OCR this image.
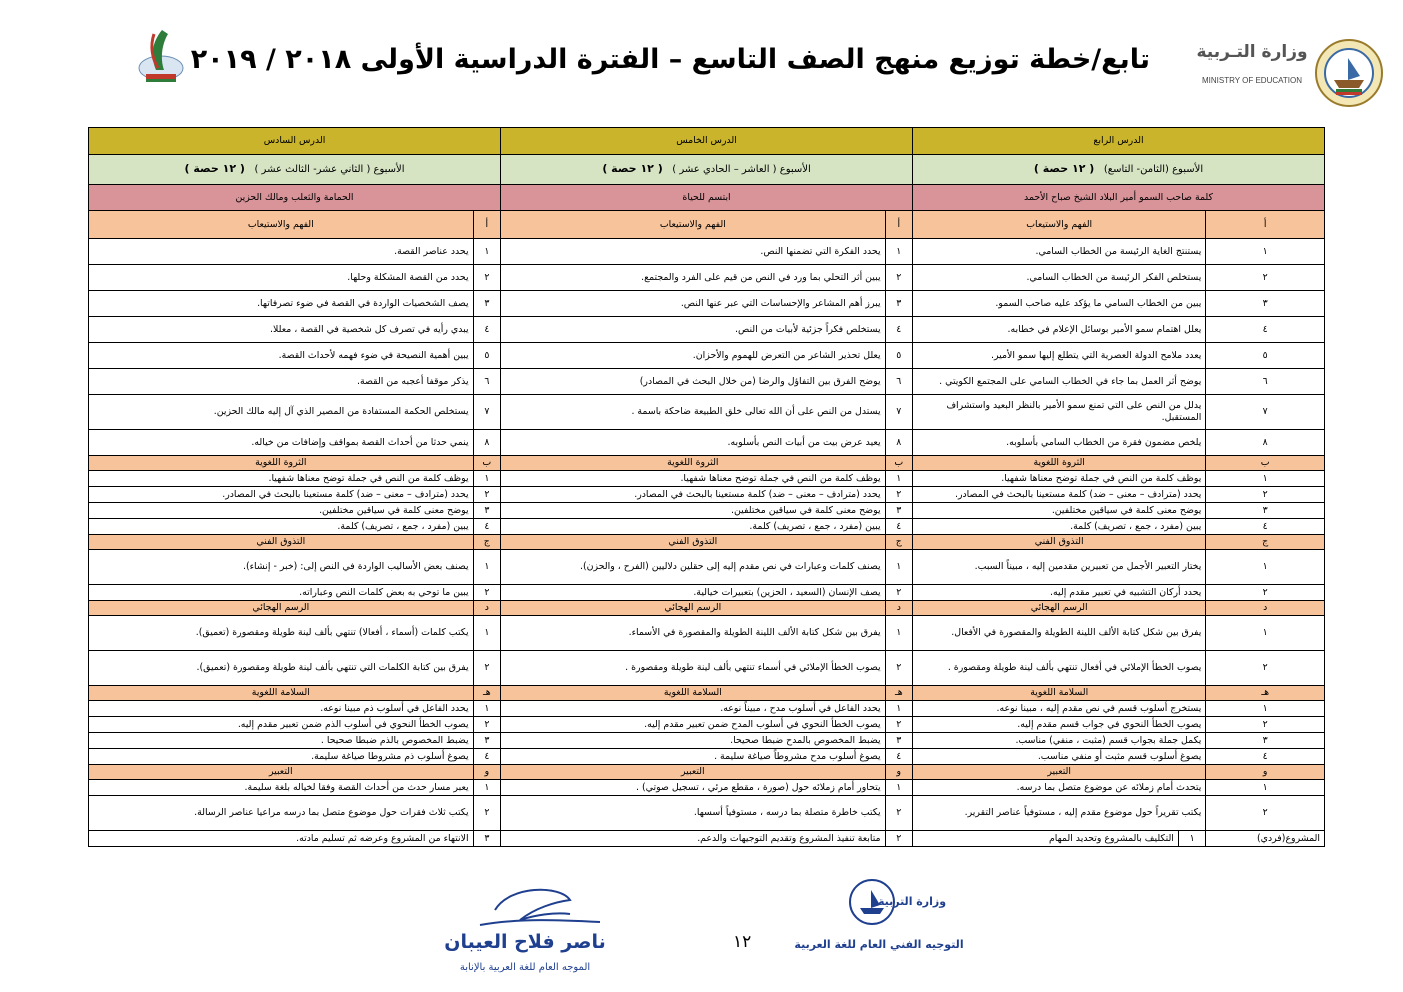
تابع/خطة توزيع منهج الصف التاسع – الفترة الدراسية الأولى ٢٠١٨ / ٢٠١٩	وزارة التـربية
MINISTRY OF EDUCATION
الدرس الرابع			الدرس الخامس		الدرس السادس	
الأسبوع (الثامن- التاسع)   ( ١٢ حصة )			الأسبوع ( العاشر – الحادي عشر )   ( ١٢ حصة )		الأسبوع ( الثاني عشر- الثالث عشر )   ( ١٢ حصة )	
كلمة صاحب السمو أمير البلاد الشيخ صباح الأحمد			ابتسم للحياة		الحمامة والثعلب ومالك الحزين	
أ	الفهم والاستيعاب		أ	الفهم والاستيعاب	أ	الفهم والاستيعاب
١	يستنتج الغاية الرئيسة من الخطاب السامي.		١	يحدد الفكرة التي تضمنها النص.	١	يحدد عناصر القصة.
٢	يستخلص الفكر الرئيسة من الخطاب السامي.		٢	يبين أثر التحلي بما ورد في النص من قيم على الفرد والمجتمع.	٢	يحدد من القصة المشكلة وحلها.
٣	يبين من الخطاب السامي ما يؤكد عليه صاحب السمو.		٣	يبرز أهم المشاعر والإحساسات التي عبر عنها النص.	٣	يصف الشخصيات الواردة في القصة في ضوء تصرفاتها.
٤	يعلل اهتمام سمو الأمير بوسائل الإعلام في خطابه.		٤	يستخلص فكراً جزئية لأبيات من النص.	٤	يبدي رأيه في تصرف كل شخصية في القصة ، معللا.
٥	يعدد ملامح الدولة العصرية التي يتطلع إليها سمو الأمير.		٥	يعلل تحذير الشاعر من التعرض للهموم والأحزان.	٥	يبين أهمية النصيحة في ضوء فهمه لأحداث القصة.
٦	يوضح أثر العمل بما جاء في الخطاب السامي على المجتمع الكويتي .		٦	يوضح الفرق بين التفاؤل والرضا (من خلال البحث في المصادر)	٦	يذكر موقفا أعجبه من القصة.
٧	يدلل من النص على التي تمنع سمو الأمير بالنظر البعيد واستشراف المستقبل.		٧	يستدل من النص على أن الله تعالى خلق الطبيعة ضاحكة باسمة .	٧	يستخلص الحكمة المستفادة من المصير الذي آل إليه مالك الحزين.
٨	يلخص مضمون فقرة من الخطاب السامي بأسلوبه.		٨	يعيد عرض بيت من أبيات النص بأسلوبه.	٨	ينمي حدثا من أحداث القصة بمواقف وإضافات من خياله.
ب	الثروة اللغوية		ب	الثروة اللغوية	ب	الثروة اللغوية
١	يوظف كلمة من النص في جملة توضح معناها شفهيا.		١	يوظف كلمة من النص في جملة توضح معناها شفهيا.	١	يوظف كلمة من النص في جملة توضح معناها شفهيا.
٢	يحدد (مترادف – معنى – ضد) كلمة مستعينا بالبحث في المصادر.		٢	يحدد (مترادف – معنى – ضد) كلمة مستعينا بالبحث في المصادر.	٢	يحدد (مترادف – معنى – ضد) كلمة مستعينا بالبحث في المصادر.
٣	يوضح معنى كلمة في سياقين مختلفين.		٣	يوضح معنى كلمة في سياقين مختلفين.	٣	يوضح معنى كلمة في سياقين مختلفين.
٤	يبين (مفرد ، جمع ، تصريف) كلمة.		٤	يبين (مفرد ، جمع ، تصريف) كلمة.	٤	يبين (مفرد ، جمع ، تصريف) كلمة.
ج	التذوق الفني		ج	التذوق الفني	ج	التذوق الفني
١	يختار التعبير الأجمل من تعبيرين مقدمين إليه ، مبيناً السبب.		١	يصنف كلمات وعبارات في نص مقدم إليه إلى حقلين دلاليين (الفرح ، والحزن).	١	يصنف بعض الأساليب الواردة في النص إلى: (خبر - إنشاء).
٢	يحدد أركان التشبيه في تعبير مقدم إليه.		٢	يصف الإنسان (السعيد ، الحزين) بتعبيرات خيالية.	٢	يبين ما توحي به بعض كلمات النص وعباراته.
د	الرسم الهجائي		د	الرسم الهجائي	د	الرسم الهجائي
١	يفرق بين شكل كتابة الألف اللينة الطويلة والمقصورة في الأفعال.		١	يفرق بين شكل كتابة الألف اللينة الطويلة والمقصورة في الأسماء.	١	يكتب كلمات (أسماء ، أفعالا) تنتهي بألف لينة طويلة ومقصورة (تعميق).
٢	يصوب الخطأ الإملائي في أفعال تنتهي بألف لينة طويلة ومقصورة .		٢	يصوب الخطأ الإملائي في أسماء تنتهي بألف لينة طويلة ومقصورة .	٢	يفرق بين كتابة الكلمات التي تنتهي بألف لينة طويلة ومقصورة (تعميق).
هـ	السلامة اللغوية		هـ	السلامة اللغوية	هـ	السلامة اللغوية
١	يستخرج أسلوب قسم في نص مقدم إليه ، مبينا نوعه.		١	يحدد الفاعل في أسلوب مدح ، مبيناً نوعه.	١	يحدد الفاعل في أسلوب ذم مبينا نوعه.
٢	يصوب الخطأ النحوي في جواب قسم مقدم إليه.		٢	يصوب الخطأ النحوي في أسلوب المدح ضمن تعبير مقدم إليه.	٢	يصوب الخطأ النحوي في أسلوب الذم ضمن تعبير مقدم إليه.
٣	يكمل جملة بجواب قسم (مثبت ، منفي) مناسب.		٣	يضبط المخصوص بالمدح ضبطا صحيحا.	٣	يضبط المخصوص بالذم ضبطا صحيحا .
٤	يصوغ أسلوب قسم مثبت أو منفي مناسب.		٤	يصوغ أسلوب مدح مشروطاً صياغة سليمة .	٤	يصوغ أسلوب ذم مشروطا صياغة سليمة.
و	التعبير		و	التعبير	و	التعبير
١	يتحدث أمام زملائه عن موضوع متصل بما درسه.		١	يتحاور أمام زملائه حول (صورة ، مقطع مرئي ، تسجيل صوتي) .	١	يعبر مسار حدث من أحداث القصة وفقا لخياله بلغة سليمة.
٢	يكتب تقريراً حول موضوع مقدم إليه ، مستوفياً عناصر التقرير.		٢	يكتب خاطرة متصلة بما درسه ، مستوفياً أسسها.	٢	يكتب ثلاث فقرات حول موضوع متصل بما درسه مراعيا عناصر الرسالة.
المشروع(فردي)	١	التكليف بالمشروع وتحديد المهام	٢	متابعة تنفيذ المشروع وتقديم التوجيهات والدعم.	٣	الانتهاء من المشروع وعرضه ثم تسليم مادته.
ناصر فلاح العيبان
الموجه العام للغة العربية بالإنابة
١٢
وزارة التربية
التوجيه الفني العام للغة العربية
